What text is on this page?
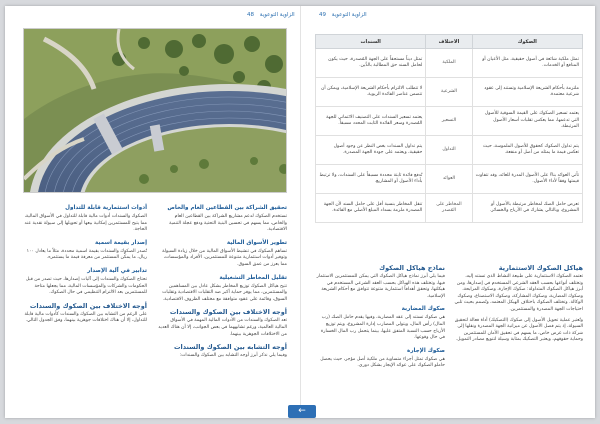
48 الزاوية التوعوية
تحقيق الشراكة بين القطاعين العام والخاص

تستخدم الصكوك لدعم مشاريع الشراكة بين القطاعين العام والخاص، مما يسهم في تحسين البنية التحتية ودفع عجلة التنمية الاقتصادية.

تطوير الأسواق المالية

تساهم الصكوك في تنشيط الأسواق المالية من خلال زيادة السيولة وتوفير أدوات استثمارية متنوعة للمستثمرين، الأفراد والمؤسسات، مما يعزز من عمق السوق.

تقليل المخاطر التشغيلية

تتيح هياكل الصكوك توزيع المخاطر بشكل عادل بين المساهمين والمستثمرين، مما يوفر حماية أكبر ضد التقلبات الاقتصادية وتقلبات السوق، وقائمة على عقود متوافقة مع مختلف الظروف الاقتصادية.

أوجه الاختلاف بين الصكوك والسندات

تعد الصكوك والسندات من الأدوات المالية المهمة في الأسواق المالية العالمية، ورغم تشابههما في بعض الجوانب، إلا أن هناك العديد من الاختلافات الجوهرية بينهما.

أوجه التشابه بين الصكوك والسندات

وفيما يلي نذكر أبرز أوجه التشابه بين الصكوك والسندات:

أدوات استثمارية قابلة للتداول

الصكوك والسندات أدوات مالية قابلة للتداول في الأسواق المالية، مما يتيح للمستثمرين إمكانية بيعها أو تحويلها إلى سيولة نقدية عند الحاجة.

إصدار بقيمة اسمية

تُصدر الصكوك والسندات بقيمة اسمية محددة، مثلاً ما يعادل ١٠٠ ريال، ما يمكّن المستثمر من معرفة قيمة ما يستثمره.

تدابير في آلية الإصدار

تحتاج الصكوك والسندات إلى آليات إصدارها، حيث تصدر من قبل الحكومات والشركات والمؤسسات المالية، مما يجعلها متاحة للمستثمرين بعد الالتزام التنظيمي في حال الصكوك.

أوجه الاختلاف بين الصكوك والسندات

على الرغم من التشابه بين الصكوك والسندات كأدوات مالية قابلة للتداول، إلا أن هناك اختلافات جوهرية بينهما، وفق الجدول التالي.

الزاوية التوعوية 49
الصكوك	الاختلاف	السندات
تمثل ملكية شائعة في أصول حقيقية، مثل الأعيان أو المنافع أو الخدمات.	الملكية	تمثل ديناً مستحقاً على الجهة المُصدرة، حيث يكون لحامل السند حق المطالبة بالدَّين.
ملتزمة بأحكام الشريعة الإسلامية وتستند إلى عقود شرعية معتمدة.	الشرعية	لا تتطلب الالتزام بأحكام الشريعة الإسلامية، ويمكن أن تتضمن عناصر الفائدة الربوية.
يعتمد تسعير الصكوك على القيمة السوقية للأصول التي تدعمها، مما يعكس تقلبات أسعار الأصول المرتبطة.	التسعير	يعتمد تسعير السندات على التصنيف الائتماني للجهة المُصدرة وسعر الفائدة الثابت المحدد مسبقاً.
يتم تداول الصكوك كحقوق للأصول الملموسة، حيث تعكس قيمة ما يمثله من أصل أو منفعة.	التداول	يتم تداول السندات بغض النظر عن وجود أصول حقيقية، ويعتمد على جودة الجهة المصدرة.
تأتي العوائد بناءً على الأصول المدرة للعائد، وقد تتفاوت قيمتها وفقاً لأداء الأصول.	العوائد	تُدفع فائدة ثابتة محددة مسبقاً على السندات، ولا ترتبط بأداء الأصول أو المشاريع.
تعرض حامل الصك لمخاطر مرتبطة بالأصول أو المشروع، وبالتالي يشارك في الأرباح والخسائر.	المخاطر على المُصدر	تنقل المخاطر بنسبة أقل على حامل السند لأن الجهة المصدرة ملزمة بسداد المبلغ الأصلي مع الفائدة.
هياكل الصكوك الاستثمارية

تعتمد الصكوك الاستثمارية على طبيعة النشاط الذي تستند إليه، وتختلف أنواعها بحسب العقد الشرعي المستخدم في إصدارها، ومن أبرز هياكل الصكوك المتداولة: صكوك الإجارة، وصكوك المرابحة، وصكوك المضاربة، وصكوك المشاركة، وصكوك الاستصناع، وصكوك الوكالة. وتختلف الصكوك باختلاف الهيكل المعتمد، وتُصمم بحيث تلبي احتياجات الجهة المصدرة والمستثمرين.

وتُعتبر عملية تحويل الأصول إلى صكوك (التصكيك) أداة فعالة لتحقيق السيولة، إذ يتم فصل الأصول عن ميزانية الجهة المصدرة ونقلها إلى شركة ذات غرض خاص، ما يسهم في تحقيق الأمان للمستثمرين وحماية حقوقهم، ويعتبر التصكيك بمثابة وسيلة لتنويع مصادر التمويل.

نماذج هياكل الصكوك

فيما يلي أبرز نماذج هياكل الصكوك التي يمكن للمستثمرين الاستثمار فيها، وتختلف هذه الهياكل بحسب العقد الشرعي المستخدم في هيكلتها، وتحقق أهدافاً استثمارية متنوعة تتوافق مع أحكام الشريعة الإسلامية.

صكوك المضاربة

هي صكوك تستند إلى عقد المضاربة، وفيها يقدم حامل الصك (رب المال) رأس المال، ويتولى المضارب إدارة المشروع، ويتم توزيع الأرباح حسب النسبة المتفق عليها، بينما يتحمل رب المال الخسارة في حال وقوعها.

صكوك الإجارة

هي صكوك تمثل أجزاء متساوية من ملكية أصل مؤجر، حيث يحصل حاملو الصكوك على عوائد الإيجار بشكل دوري.

←
